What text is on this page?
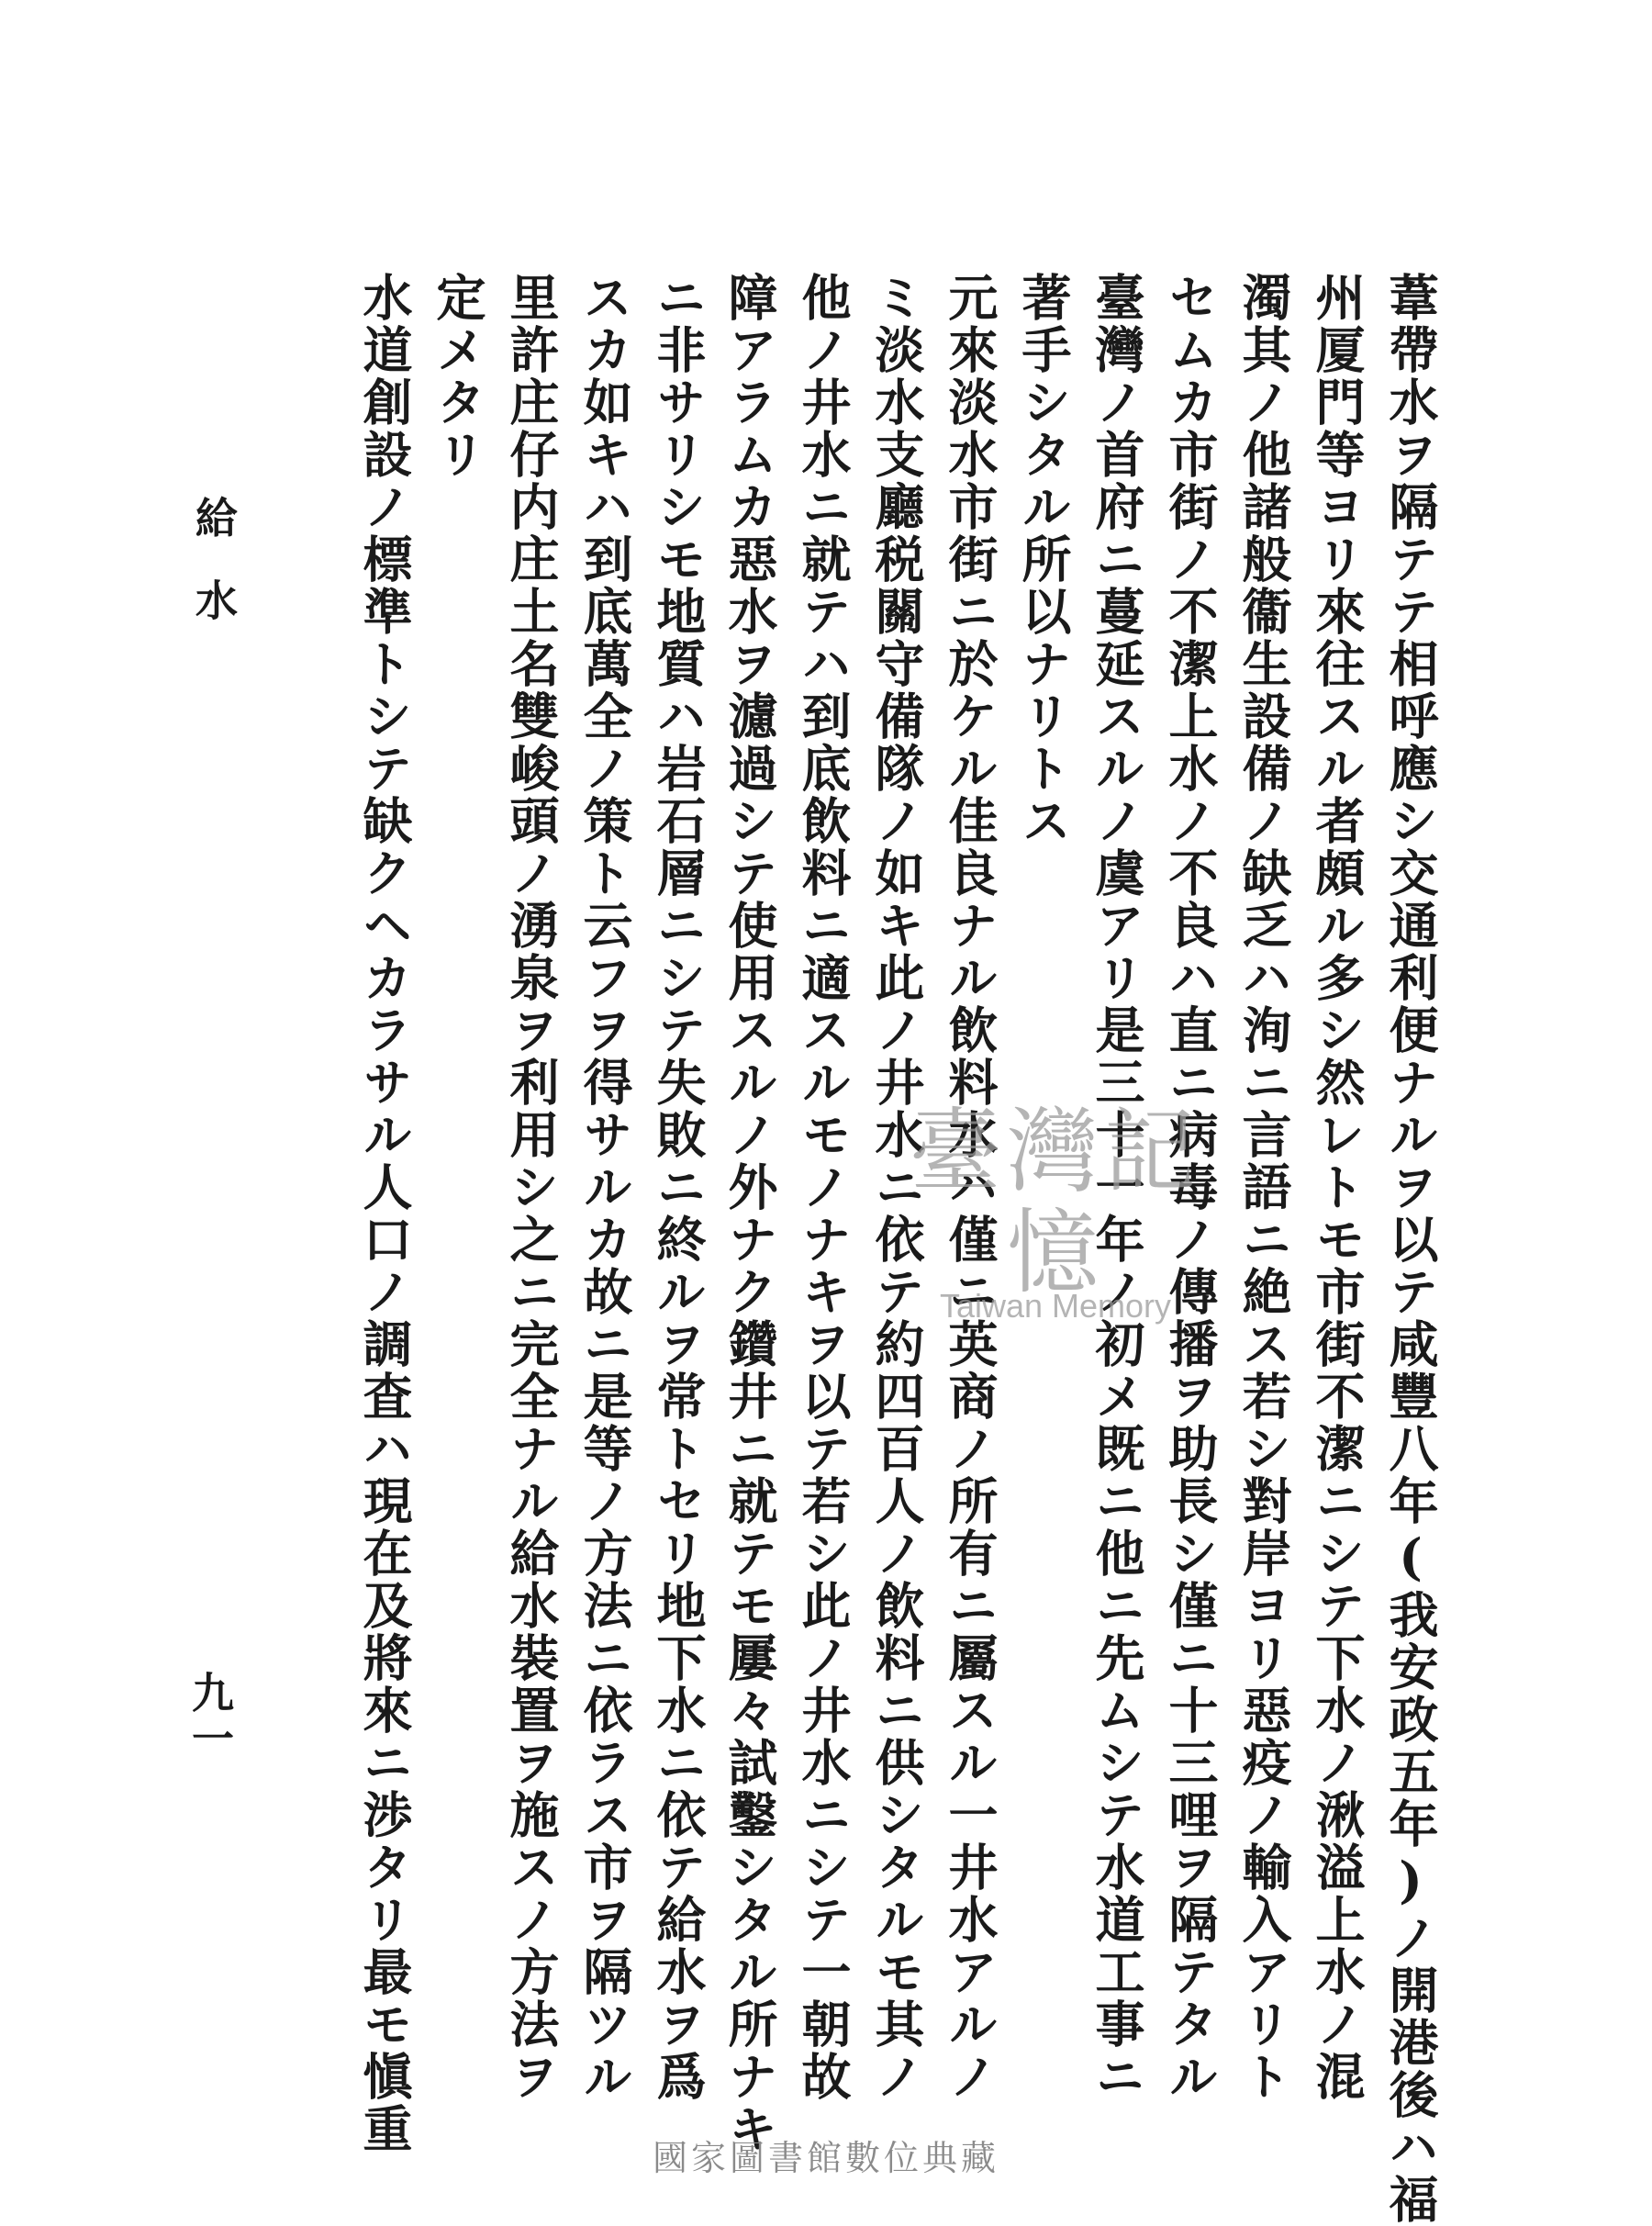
葦帶水ヲ隔テテ相呼應シ交通利便ナルヲ以テ咸豐八年(我安政五年)ノ開港後ハ福
州厦門等ヨリ來往スル者頗ル多シ然レトモ市街不潔ニシテ下水ノ湫溢上水ノ混
濁其ノ他諸般衞生設備ノ缺乏ハ洵ニ言語ニ絶ス若シ對岸ヨリ惡疫ノ輸入アリト
セムカ市街ノ不潔上水ノ不良ハ直ニ病毒ノ傳播ヲ助長シ僅ニ十三哩ヲ隔テタル
臺灣ノ首府ニ蔓延スルノ虞アリ是三十一年ノ初メ既ニ他ニ先ムシテ水道工事ニ
著手シタル所以ナリトス
元來淡水市街ニ於ケル佳良ナル飲料水ハ僅ニ英商ノ所有ニ屬スル一井水アルノ
ミ淡水支廳税關守備隊ノ如キ此ノ井水ニ依テ約四百人ノ飲料ニ供シタルモ其ノ
他ノ井水ニ就テハ到底飲料ニ適スルモノナキヲ以テ若シ此ノ井水ニシテ一朝故
障アラムカ惡水ヲ濾過シテ使用スルノ外ナク鑽井ニ就テモ屢々試鑿シタル所ナキ
ニ非サリシモ地質ハ岩石層ニシテ失敗ニ終ルヲ常トセリ地下水ニ依テ給水ヲ爲
スカ如キハ到底萬全ノ策ト云フヲ得サルカ故ニ是等ノ方法ニ依ラス市ヲ隔ツル
里許庄仔内庄土名雙峻頭ノ湧泉ヲ利用シ之ニ完全ナル給水裝置ヲ施スノ方法ヲ
定メタリ
水道創設ノ標準トシテ缺クヘカラサル人口ノ調査ハ現在及將來ニ渉タリ最モ愼重
給水
九一
臺灣記憶
Taiwan Memory
國家圖書館數位典藏
